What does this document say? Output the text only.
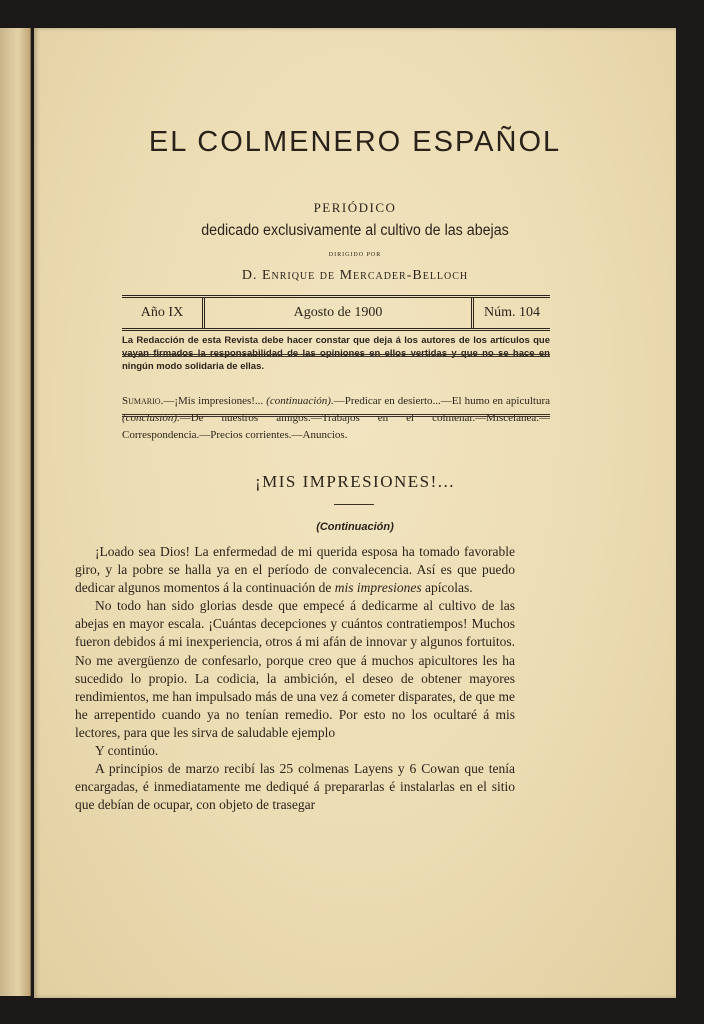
EL COLMENERO ESPAÑOL
PERIÓDICO
dedicado exclusivamente al cultivo de las abejas
DIRIGIDO POR
D. Enrique de Mercader-Belloch
Año IX	Agosto de 1900	Núm. 104
La Redacción de esta Revista debe hacer constar que deja á los autores de los artículos que vayan firmados la responsabilidad de las opiniones en ellos vertidas y que no se hace en ningún modo solidaria de ellas.
Sumario.—¡Mis impresiones!... (continuación).—Predicar en desierto...—El humo en apicultura (conclusión).—De nuestros amigos.—Trabajos en el colmenar.—Miscelánea.—Correspondencia.—Precios corrientes.—Anuncios.
¡MIS IMPRESIONES!...
(Continuación)

¡Loado sea Dios! La enfermedad de mi querida esposa ha tomado favorable giro, y la pobre se halla ya en el período de convalecencia. Así es que puedo dedicar algunos momentos á la continuación de mis impresiones apícolas.

No todo han sido glorias desde que empecé á dedicarme al cultivo de las abejas en mayor escala. ¡Cuántas decepciones y cuántos contratiempos! Muchos fueron debidos á mi inexperiencia, otros á mi afán de innovar y algunos fortuitos. No me avergüenzo de confesarlo, porque creo que á muchos apicultores les ha sucedido lo propio. La codicia, la ambición, el deseo de obtener mayores rendimientos, me han impulsado más de una vez á cometer disparates, de que me he arrepentido cuando ya no tenían remedio. Por esto no los ocultaré á mis lectores, para que les sirva de saludable ejemplo

Y continúo.

A principios de marzo recibí las 25 colmenas Layens y 6 Cowan que tenía encargadas, é inmediatamente me dediqué á prepararlas é instalarlas en el sitio que debían de ocupar, con objeto de trasegar
